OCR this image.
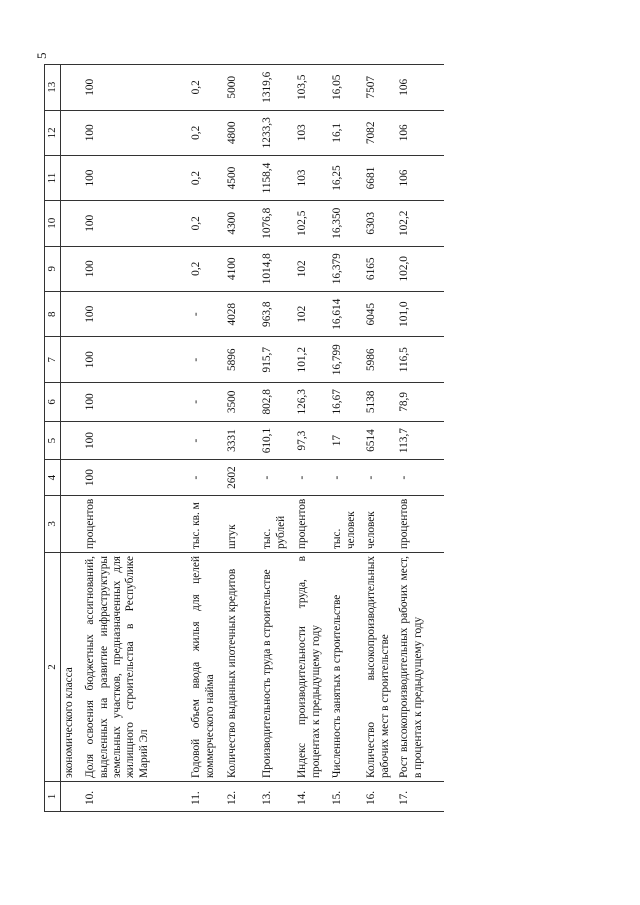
5
1	2	3	4	5	6	7	8	9	10	11	12	13
	экономического класса											
10.	Доля освоения бюджетных ассигнований, выделенных на развитие инфраструктуры земельных участков, предназначенных для жилищного строительства в Республике Марий Эл	процентов	100	100	100	100	100	100	100	100	100	100
11.	Годовой объем ввода жилья для целей коммерческого найма	тыс. кв. м	-	-	-	-	-	0,2	0,2	0,2	0,2	0,2
12.	Количество выданных ипотечных кредитов	штук	2602	3331	3500	5896	4028	4100	4300	4500	4800	5000
13.	Производительность труда в строительстве	тыс. рублей	-	610,1	802,8	915,7	963,8	1014,8	1076,8	1158,4	1233,3	1319,6
14.	Индекс производительности труда, в процентах к предыдущему году	процентов	-	97,3	126,3	101,2	102	102	102,5	103	103	103,5
15.	Численность занятых в строительстве	тыс. человек	-	17	16,67	16,799	16,614	16,379	16,350	16,25	16,1	16,05
16.	Количество высокопроизводительных рабочих мест в строительстве	человек	-	6514	5138	5986	6045	6165	6303	6681	7082	7507
17.	Рост высокопроизводительных рабочих мест, в процентах к предыдущему году	процентов	-	113,7	78,9	116,5	101,0	102,0	102,2	106	106	106
